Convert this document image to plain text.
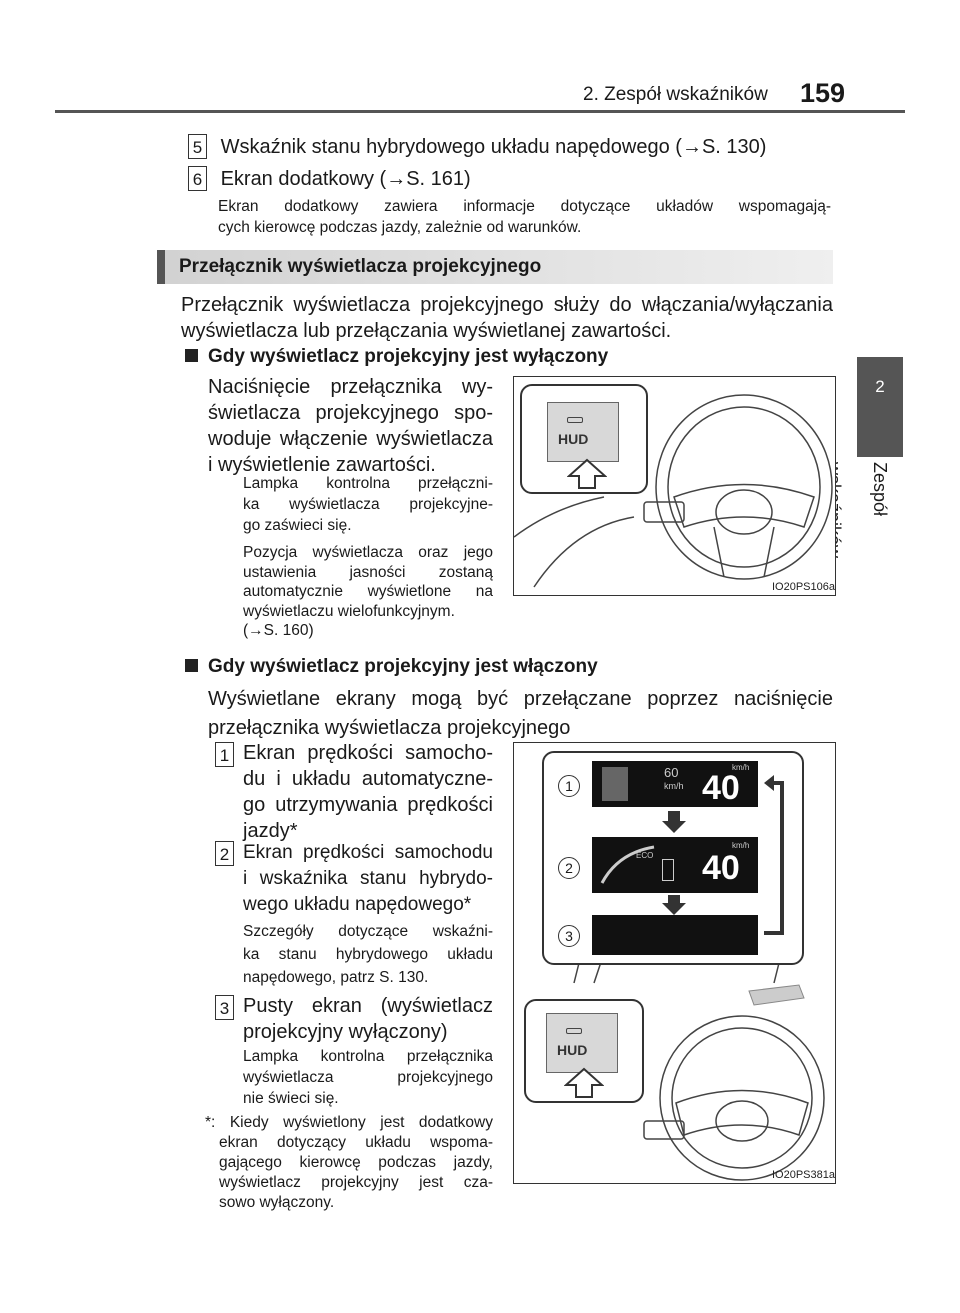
2. Zespół wskaźników 159
2
Zespół
5 Wskaźnik stanu hybrydowego układu napędowego (→S. 130)
6 Ekran dodatkowy (→S. 161)
Ekran dodatkowy zawiera informacje dotyczące układów wspomagają-
cych kierowcę podczas jazdy, zależnie od warunków.
Przełącznik wyświetlacza projekcyjnego
Przełącznik wyświetlacza projekcyjnego służy do włączania/wyłączania
wyświetlacza lub przełączania wyświetlanej zawartości.
Gdy wyświetlacz projekcyjny jest wyłączony
Naciśnięcie przełącznika wy-
świetlacza projekcyjnego spo-
woduje włączenie wyświetlacza
i wyświetlenie zawartości.
Lampka kontrolna przełączni-
ka wyświetlacza projekcyjne-
go zaświeci się.
Pozycja wyświetlacza oraz jego
ustawienia jasności zostaną
automatycznie wyświetlone na
wyświetlaczu wielofunkcyjnym.
(→S. 160)
HUD
IO20PS106a
Gdy wyświetlacz projekcyjny jest włączony
Wyświetlane ekrany mogą być przełączane poprzez naciśnięcie
przełącznika wyświetlacza projekcyjnego
1 Ekran prędkości samocho-
du i układu automatyczne-
go utrzymywania prędkości
jazdy*
2 Ekran prędkości samochodu
i wskaźnika stanu hybrydo-
wego układu napędowego*
Szczegóły dotyczące wskaźni-
ka stanu hybrydowego układu
napędowego, patrz S. 130.
3 Pusty ekran (wyświetlacz
projekcyjny wyłączony)
Lampka kontrolna przełącznika
wyświetlacza projekcyjnego
nie świeci się.
*: Kiedy wyświetlony jest dodatkowy
ekran dotyczący układu wspoma-
gającego kierowcę podczas jazdy,
wyświetlacz projekcyjny jest cza-
sowo wyłączony.
60
km/h
km/h
40
ECO
km/h
40
1
2
3
HUD
IO20PS381a
